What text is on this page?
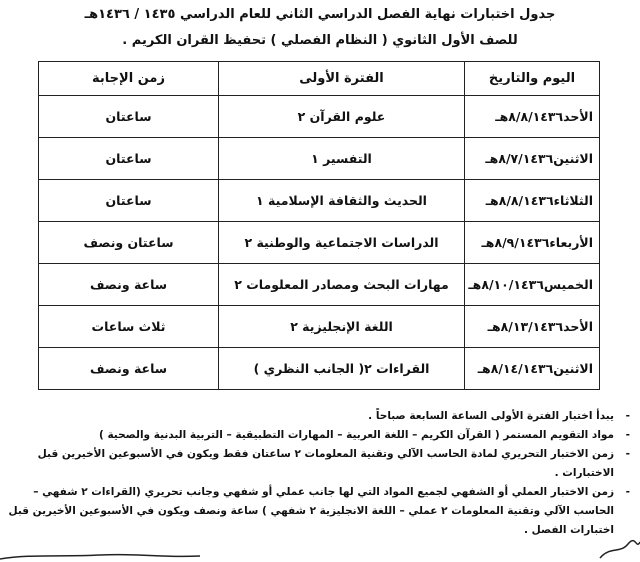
جدول اختبارات نهاية الفصل الدراسي الثاني للعام الدراسي ١٤٣٥ / ١٤٣٦هـ
للصف الأول الثانوي ( النظام الفصلي ) تحفيظ القران الكريم .
اليوم والتاريخ	الفترة الأولى	زمن الإجابة
الأحد٨/٨/١٤٣٦هـ	علوم القرآن ٢	ساعتان
الاثنين٨/٧/١٤٣٦هـ	التفسير ١	ساعتان
الثلاثاء٨/٨/١٤٣٦هـ	الحديث والثقافة الإسلامية ١	ساعتان
الأربعاء٨/٩/١٤٣٦هـ	الدراسات الاجتماعية والوطنية ٢	ساعتان ونصف
الخميس٨/١٠/١٤٣٦هـ	مهارات البحث ومصادر المعلومات ٢	ساعة ونصف
الأحد٨/١٣/١٤٣٦هـ	اللغة الإنجليزية ٢	ثلاث ساعات
الاثنين٨/١٤/١٤٣٦هـ	القراءات ٢( الجانب النظري )	ساعة ونصف
-
يبدأ اختبار الفترة الأولى الساعة السابعة صباحاً .
-
مواد التقويم المستمر ( القرآن الكريم – اللغة العربية – المهارات التطبيقية – التربية البدنية والصحية )
-
زمن الاختبار التحريري لمادة الحاسب الآلي وتقنية المعلومات ٢ ساعتان فقط ويكون في الأسبوعين الأخيرين قبل الاختبارات .
-
زمن الاختبار العملي أو الشفهي لجميع المواد التي لها جانب عملي أو شفهي وجانب تحريري (القراءات ٢ شفهي – الحاسب الآلي وتقنية المعلومات ٢ عملي – اللغة الانجليزية ٢ شفهي ) ساعة ونصف ويكون في الأسبوعين الأخيرين قبل اختبارات الفصل .
